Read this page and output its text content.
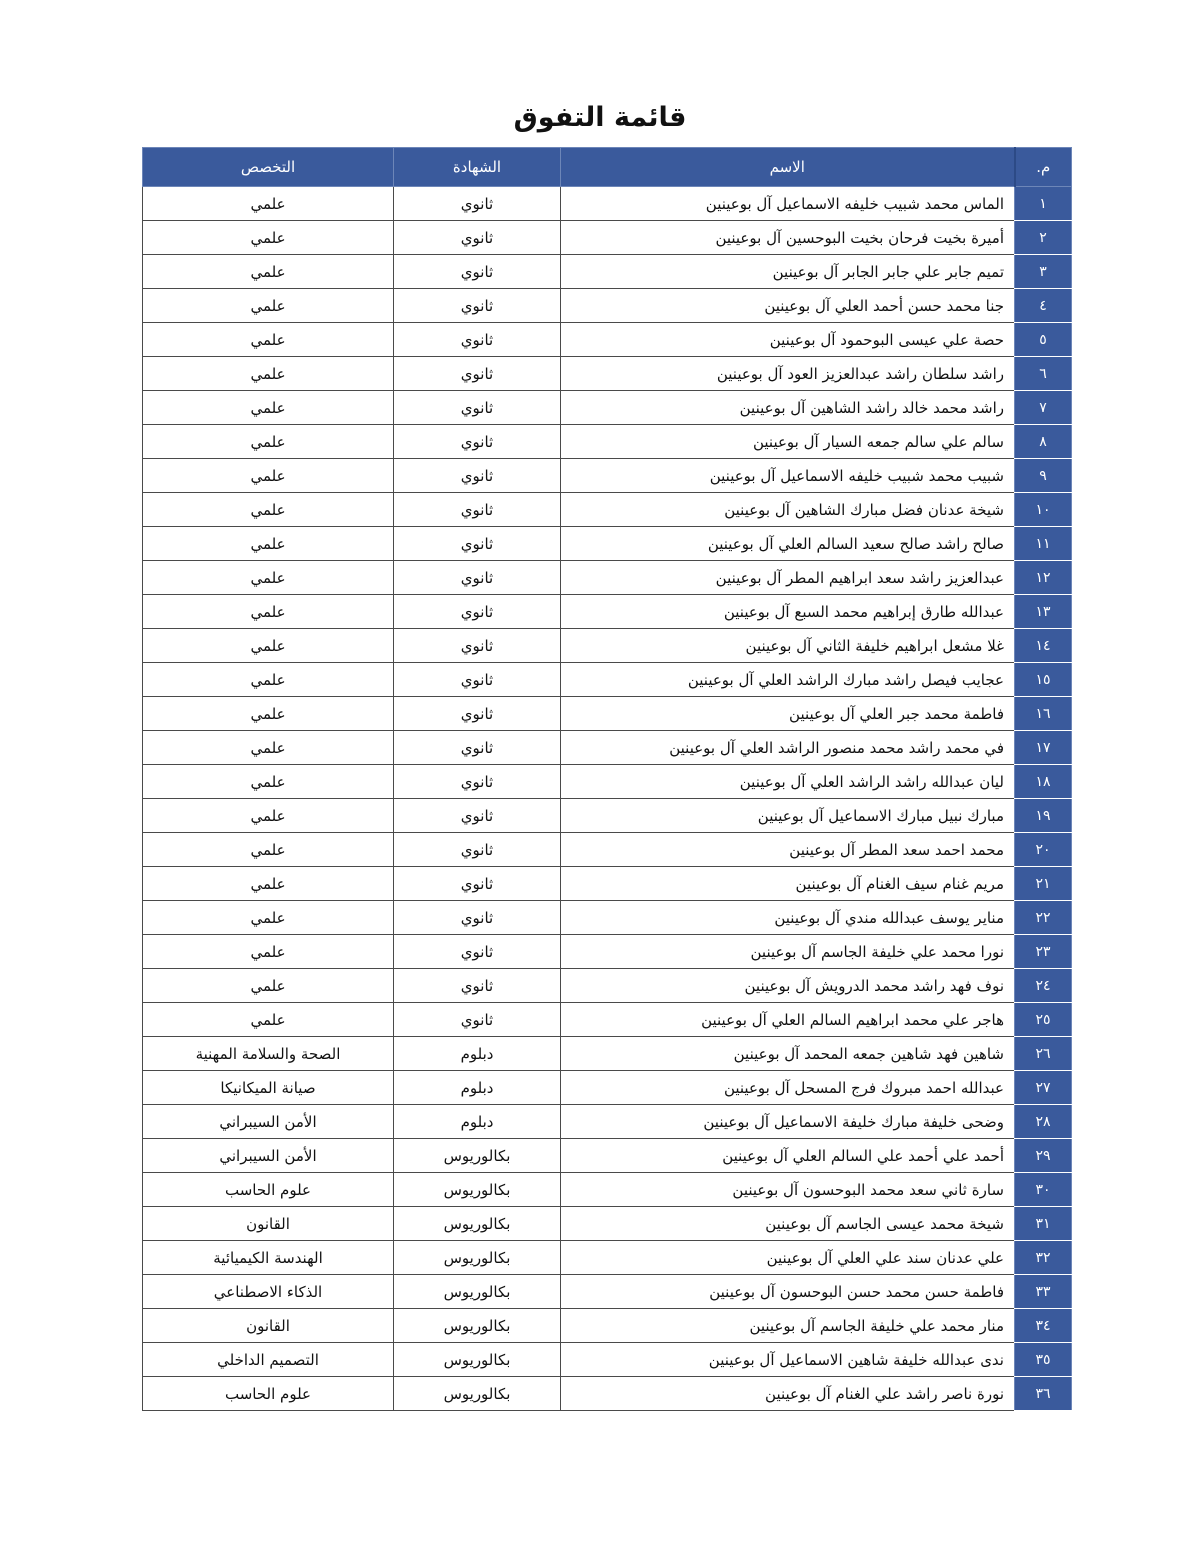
قائمة التفوق
م.	الاسم	الشهادة	التخصص
١	الماس محمد شبيب خليفه الاسماعيل آل بوعينين	ثانوي	علمي
٢	أميرة بخيت فرحان بخيت البوحسين آل بوعينين	ثانوي	علمي
٣	تميم جابر علي جابر الجابر آل بوعينين	ثانوي	علمي
٤	جنا محمد حسن أحمد العلي آل بوعينين	ثانوي	علمي
٥	حصة علي عيسى البوحمود آل بوعينين	ثانوي	علمي
٦	راشد سلطان راشد عبدالعزيز العود آل بوعينين	ثانوي	علمي
٧	راشد محمد خالد راشد الشاهين آل بوعينين	ثانوي	علمي
٨	سالم علي سالم جمعه السيار آل بوعينين	ثانوي	علمي
٩	شبيب محمد شبيب خليفه الاسماعيل آل بوعينين	ثانوي	علمي
١٠	شيخة عدنان فضل مبارك الشاهين آل بوعينين	ثانوي	علمي
١١	صالح راشد صالح سعيد السالم العلي آل بوعينين	ثانوي	علمي
١٢	عبدالعزيز راشد سعد ابراهيم المطر آل بوعينين	ثانوي	علمي
١٣	عبدالله طارق إبراهيم محمد السبع آل بوعينين	ثانوي	علمي
١٤	غلا مشعل ابراهيم خليفة الثاني آل بوعينين	ثانوي	علمي
١٥	عجايب فيصل راشد مبارك الراشد العلي آل بوعينين	ثانوي	علمي
١٦	فاطمة محمد جبر العلي آل بوعينين	ثانوي	علمي
١٧	في محمد راشد محمد منصور الراشد العلي آل بوعينين	ثانوي	علمي
١٨	ليان عبدالله راشد الراشد العلي آل بوعينين	ثانوي	علمي
١٩	مبارك نبيل مبارك الاسماعيل آل بوعينين	ثانوي	علمي
٢٠	محمد احمد سعد المطر آل بوعينين	ثانوي	علمي
٢١	مريم غنام سيف الغنام آل بوعينين	ثانوي	علمي
٢٢	مناير يوسف عبدالله مندي آل بوعينين	ثانوي	علمي
٢٣	نورا محمد علي خليفة الجاسم آل بوعينين	ثانوي	علمي
٢٤	نوف فهد راشد محمد الدرويش آل بوعينين	ثانوي	علمي
٢٥	هاجر علي محمد ابراهيم السالم العلي آل بوعينين	ثانوي	علمي
٢٦	شاهين فهد شاهين جمعه المحمد آل بوعينين	دبلوم	الصحة والسلامة المهنية
٢٧	عبدالله احمد مبروك فرج المسحل آل بوعينين	دبلوم	صيانة الميكانيكا
٢٨	وضحى خليفة مبارك خليفة الاسماعيل آل بوعينين	دبلوم	الأمن السيبراني
٢٩	أحمد علي أحمد علي السالم العلي آل بوعينين	بكالوريوس	الأمن السيبراني
٣٠	سارة ثاني سعد محمد البوحسون آل بوعينين	بكالوريوس	علوم الحاسب
٣١	شيخة محمد عيسى الجاسم آل بوعينين	بكالوريوس	القانون
٣٢	علي عدنان سند علي العلي آل بوعينين	بكالوريوس	الهندسة الكيميائية
٣٣	فاطمة حسن محمد حسن البوحسون آل بوعينين	بكالوريوس	الذكاء الاصطناعي
٣٤	منار محمد علي خليفة الجاسم آل بوعينين	بكالوريوس	القانون
٣٥	ندى عبدالله خليفة شاهين الاسماعيل آل بوعينين	بكالوريوس	التصميم الداخلي
٣٦	نورة ناصر راشد علي الغنام آل بوعينين	بكالوريوس	علوم الحاسب
